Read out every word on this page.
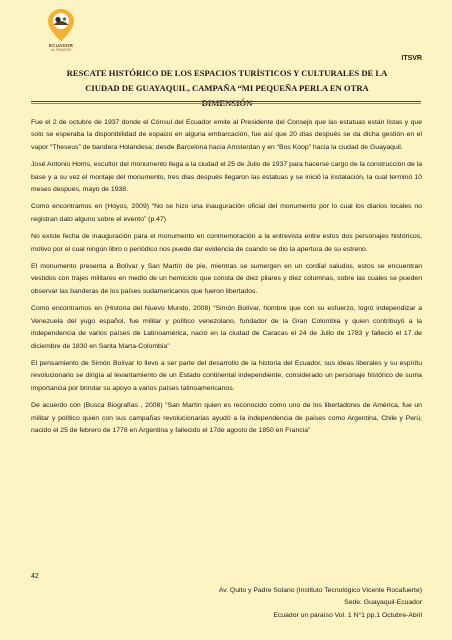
ECUADOR
Un PARAISO
ITSVR
RESCATE HISTÓRICO DE LOS ESPACIOS TURÍSTICOS Y CULTURALES DE LA
CIUDAD DE GUAYAQUIL, CAMPAÑA “MI PEQUEÑA PERLA EN OTRA DIMENSIÓN

Fue el 2 de octubre de 1937 donde el Cónsul del Ecuador emite al Presidente del Consejo que las estatuas están listas y que solo se esperaba la disponibilidad de espacio en alguna embarcación, fue así que 20 días después se da dicha gestión en el vapor “Theseus” de bandera Holandesa; desde Barcelona hacia Amsterdan y en “Bos Koop” hacia la ciudad de Guayaquil.

José Antonio Homs, escultor del monumento llega a la ciudad el 25 de Julio de 1937 para hacerse cargo de la construcción de la base y a su vez el montaje del monumento, tres días después llegaron las estatuas y se inició la instalación, la cual terminó 10 meses después, mayo de 1938.

Como encontramos en (Hoyos, 2009) “No se hizo una inauguración oficial del monumento por lo cual los diarios locales no registran dato alguno sobre el evento” (p.47)

No existe fecha de inauguración para el monumento en conmemoración a la entrevista entre estos dos personajes históricos, motivo por el cual ningún libro o periódico nos puede dar evidencia de cuando se dio la apertura de su estreno.

El monumento presenta a Bolívar y San Martín de pie, mientras se sumergen en un cordial saludos, estos se encuentran vestidos con trajes militares en medio de un hemiciclo que consta de diez pilares y diez columnas, sobre las cuales se pueden observar las banderas de los países sudamericanos que fueron libertados.

Como encontramos en (Historia del Nuevo Mundo, 2008) “Simón Bolívar, hombre que con su esfuerzo, logró independizar a Venezuela del yugo español, fue militar y político venezolano, fundador de la Gran Colombia y quien contribuyó a la independencia de varios países de Latinoamérica, nació en la ciudad de Caracas el 24 de Julio de 1783 y falleció el 17 de diciembre de 1830 en Santa Marta-Colombia”

El pensamiento de Simón Bolívar lo llevo a ser parte del desarrollo de la historia del Ecuador, sus ideas liberales y su espíritu revolucionario se dirigía al levantamiento de un Estado continental independiente, considerado un personaje histórico de suma importancia por brindar su apoyo a varios países latinoamericanos.

De acuerdo con (Busca Biografías , 2008) “San Martín quien es reconocido como uno de los libertadores de América, fue un militar y político quien con sus campañas revolucionarias ayudó a la independencia de países como Argentina, Chile y Perú; nacido el 25 de febrero de 1778 en Argentina y fallecido el 17de agosto de 1850 en Francia”

42
Av. Quito y Padre Solano (Instituto Tecnológico Vicente Rocafuerte)
Sede: Guayaquil-Ecuador
Ecuador un paraíso Vol. 1 N°1 pp.1 Octubre-Abril
